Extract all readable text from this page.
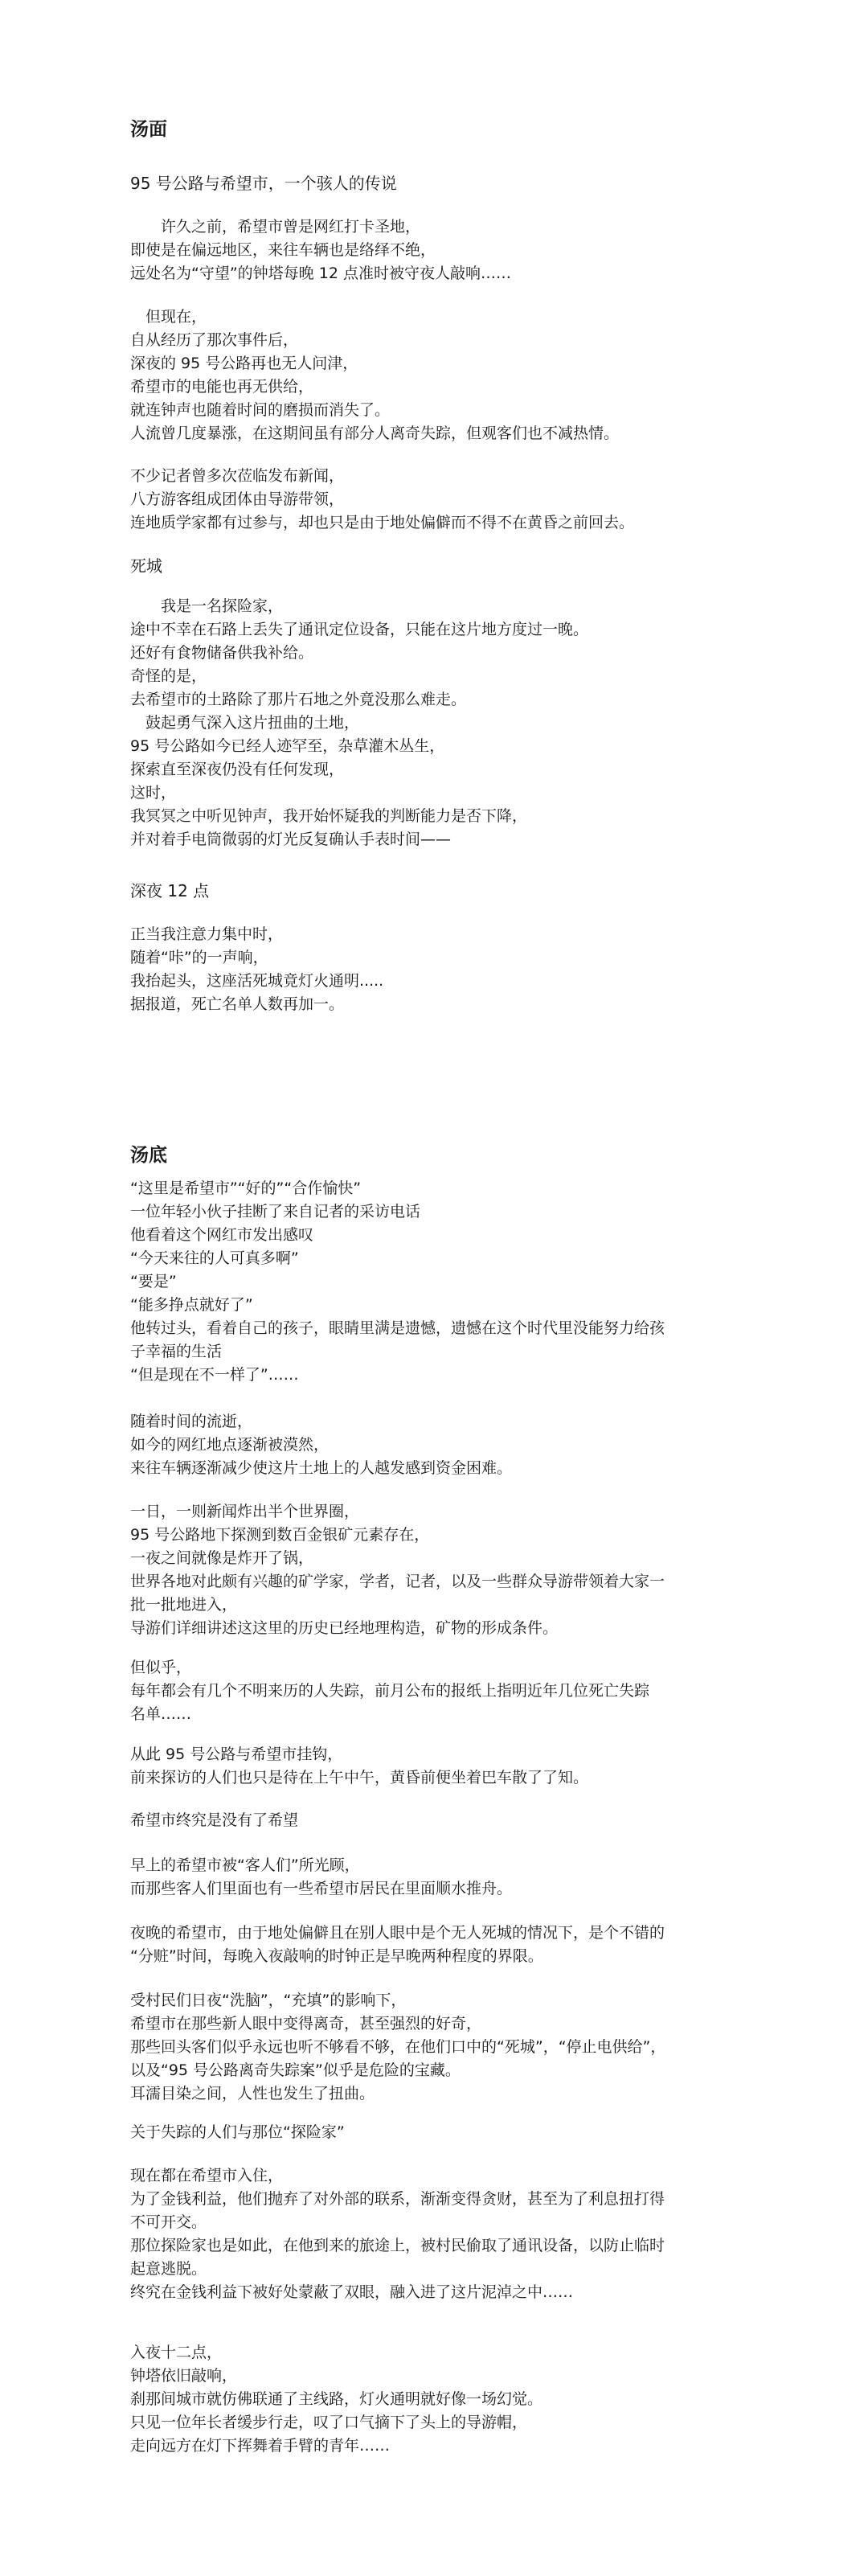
汤面

95 号公路与希望市，一个骇人的传说

　　许久之前，希望市曾是网红打卡圣地，

即使是在偏远地区，来往车辆也是络绎不绝，

远处名为“守望”的钟塔每晚 12 点准时被守夜人敲响……

　但现在，

自从经历了那次事件后，

深夜的 95 号公路再也无人问津，

希望市的电能也再无供给，

就连钟声也随着时间的磨损而消失了。

人流曾几度暴涨，在这期间虽有部分人离奇失踪，但观客们也不减热情。

不少记者曾多次莅临发布新闻，

八方游客组成团体由导游带领，

连地质学家都有过参与，却也只是由于地处偏僻而不得不在黄昏之前回去。

死城

　　我是一名探险家，

途中不幸在石路上丢失了通讯定位设备，只能在这片地方度过一晚。

还好有食物储备供我补给。

奇怪的是，

去希望市的土路除了那片石地之外竟没那么难走。

　鼓起勇气深入这片扭曲的土地，

95 号公路如今已经人迹罕至，杂草灌木丛生，

探索直至深夜仍没有任何发现，

这时，

我冥冥之中听见钟声，我开始怀疑我的判断能力是否下降，

并对着手电筒微弱的灯光反复确认手表时间——

深夜 12 点

正当我注意力集中时，

随着“咔”的一声响，

我抬起头，这座活死城竟灯火通明.....

据报道，死亡名单人数再加一。

汤底

“这里是希望市”“好的”“合作愉快”

一位年轻小伙子挂断了来自记者的采访电话

他看着这个网红市发出感叹

“今天来往的人可真多啊”

“要是”

“能多挣点就好了”

他转过头，看着自己的孩子，眼睛里满是遗憾，遗憾在这个时代里没能努力给孩

子幸福的生活

“但是现在不一样了”……

随着时间的流逝，

如今的网红地点逐渐被漠然，

来往车辆逐渐减少使这片土地上的人越发感到资金困难。

一日，一则新闻炸出半个世界圈，

95 号公路地下探测到数百金银矿元素存在，

一夜之间就像是炸开了锅，

世界各地对此颇有兴趣的矿学家，学者，记者，以及一些群众导游带领着大家一

批一批地进入，

导游们详细讲述这这里的历史已经地理构造，矿物的形成条件。

但似乎，

每年都会有几个不明来历的人失踪，前月公布的报纸上指明近年几位死亡失踪

名单……

从此 95 号公路与希望市挂钩，

前来探访的人们也只是待在上午中午，黄昏前便坐着巴车散了了知。

希望市终究是没有了希望

早上的希望市被“客人们”所光顾，

而那些客人们里面也有一些希望市居民在里面顺水推舟。

夜晚的希望市，由于地处偏僻且在别人眼中是个无人死城的情况下，是个不错的

“分赃”时间，每晚入夜敲响的时钟正是早晚两种程度的界限。

受村民们日夜“洗脑”，“充填”的影响下，

希望市在那些新人眼中变得离奇，甚至强烈的好奇，

那些回头客们似乎永远也听不够看不够，在他们口中的“死城”，“停止电供给”，

以及“95 号公路离奇失踪案”似乎是危险的宝藏。

耳濡目染之间，人性也发生了扭曲。

关于失踪的人们与那位“探险家”

现在都在希望市入住，

为了金钱利益，他们抛弃了对外部的联系，渐渐变得贪财，甚至为了利息扭打得

不可开交。

那位探险家也是如此，在他到来的旅途上，被村民偷取了通讯设备，以防止临时

起意逃脱。

终究在金钱利益下被好处蒙蔽了双眼，融入进了这片泥淖之中……

入夜十二点，

钟塔依旧敲响，

刹那间城市就仿佛联通了主线路，灯火通明就好像一场幻觉。

只见一位年长者缓步行走，叹了口气摘下了头上的导游帽，

走向远方在灯下挥舞着手臂的青年……
